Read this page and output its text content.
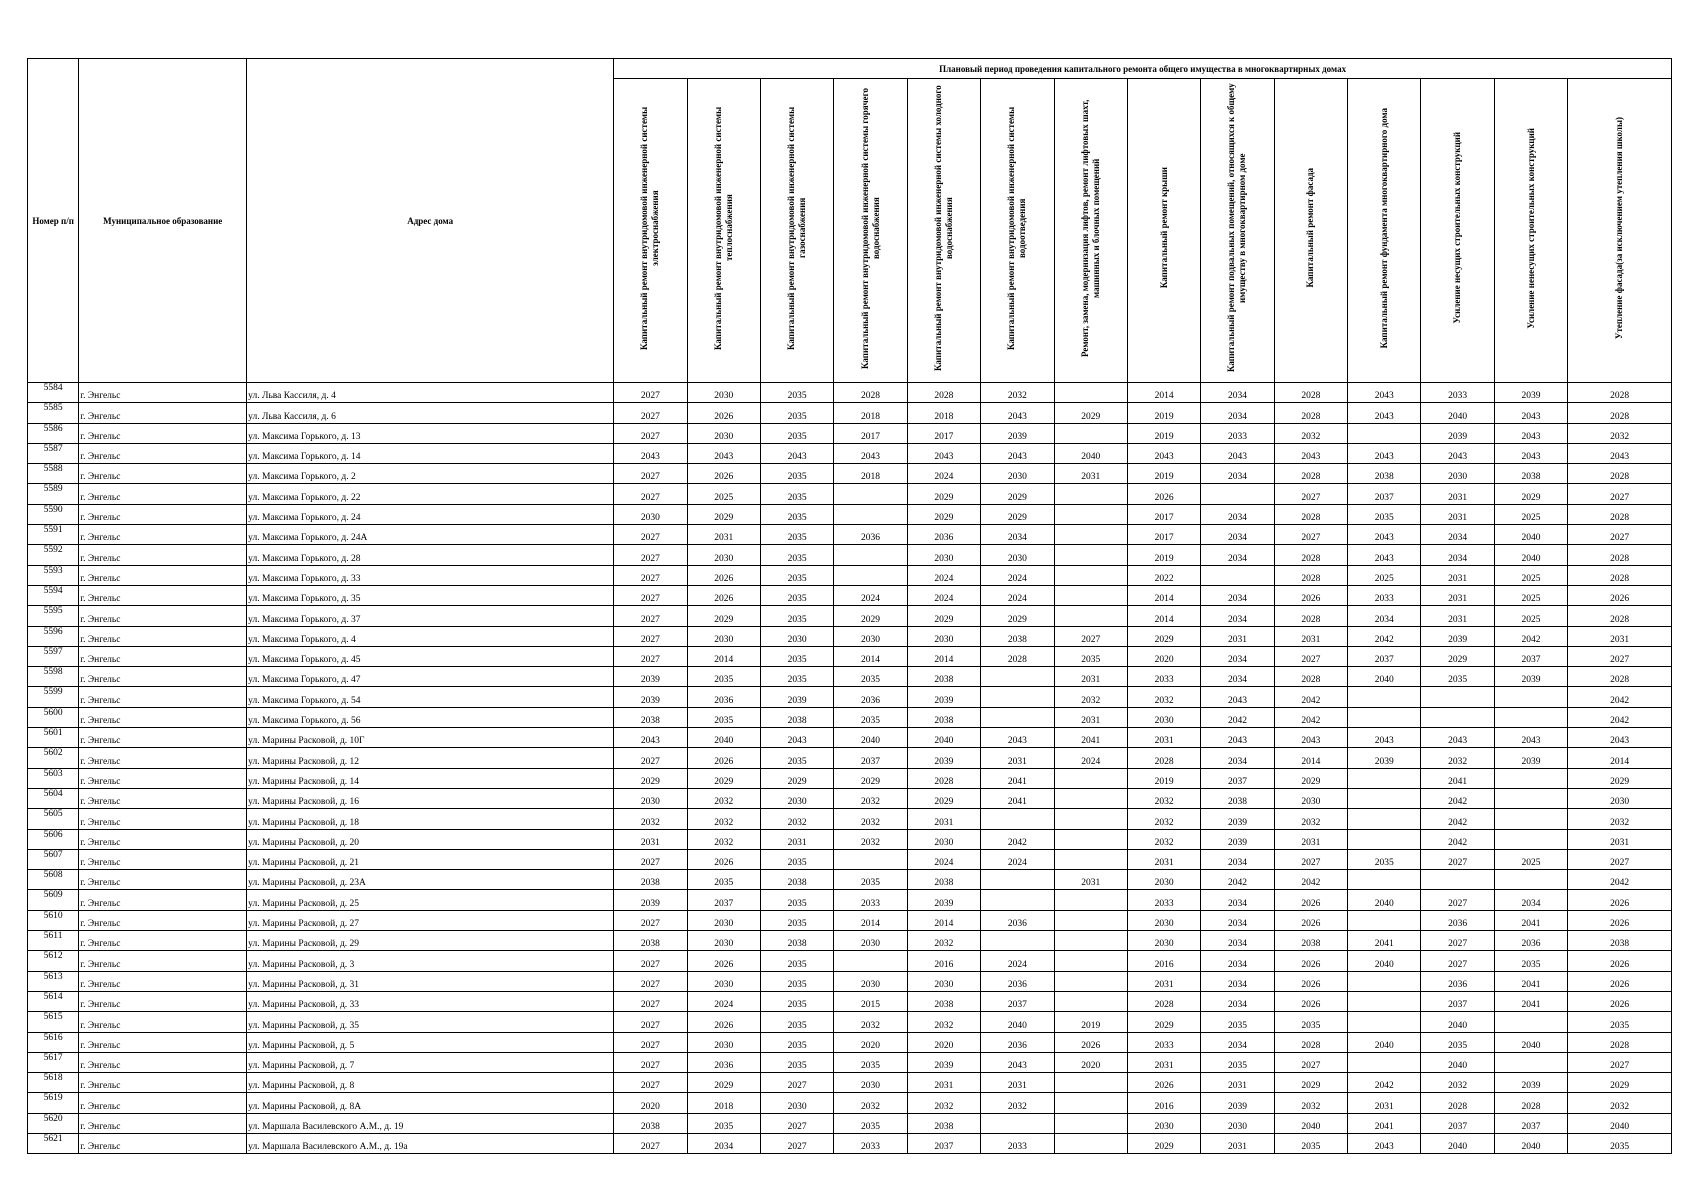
Номер п/п	Муниципальное образование	Адрес дома	Плановый период проведения капитального ремонта общего имущества в многоквартирных домах													
			Капитальный ремонт внутридомовой инженерной системы электроснабжения	Капитальный ремонт внутридомовой инженерной системы теплоснабжения	Капитальный ремонт внутридомовой инженерной системы газоснабжения	Капитальный ремонт внутридомовой инженерной системы горячего водоснабжения	Капитальный ремонт внутридомовой инженерной системы холодного водоснабжения	Капитальный ремонт внутридомовой инженерной системы водоотведения	Ремонт, замена, модернизация лифтов, ремонт лифтовых шахт, машинных и блочных помещений	Капитальный ремонт крыши	Капитальный ремонт подвальных помещений, относящихся к общему имуществу в многоквартирном доме	Капитальный ремонт фасада	Капитальный ремонт фундамента многоквартирного дома	Усиление несущих строительных конструкций	Усиление ненесущих строительных конструкций	Утепление фасада(за исключением утепления школы)
5584	г. Энгельс	ул. Льва Кассиля, д. 4	2027	2030	2035	2028	2028	2032		2014	2034	2028	2043	2033	2039	2028
5585	г. Энгельс	ул. Льва Кассиля, д. 6	2027	2026	2035	2018	2018	2043	2029	2019	2034	2028	2043	2040	2043	2028
5586	г. Энгельс	ул. Максима Горького, д. 13	2027	2030	2035	2017	2017	2039		2019	2033	2032		2039	2043	2032
5587	г. Энгельс	ул. Максима Горького, д. 14	2043	2043	2043	2043	2043	2043	2040	2043	2043	2043	2043	2043	2043	2043
5588	г. Энгельс	ул. Максима Горького, д. 2	2027	2026	2035	2018	2024	2030	2031	2019	2034	2028	2038	2030	2038	2028
5589	г. Энгельс	ул. Максима Горького, д. 22	2027	2025	2035		2029	2029		2026		2027	2037	2031	2029	2027
5590	г. Энгельс	ул. Максима Горького, д. 24	2030	2029	2035		2029	2029		2017	2034	2028	2035	2031	2025	2028
5591	г. Энгельс	ул. Максима Горького, д. 24А	2027	2031	2035	2036	2036	2034		2017	2034	2027	2043	2034	2040	2027
5592	г. Энгельс	ул. Максима Горького, д. 28	2027	2030	2035		2030	2030		2019	2034	2028	2043	2034	2040	2028
5593	г. Энгельс	ул. Максима Горького, д. 33	2027	2026	2035		2024	2024		2022		2028	2025	2031	2025	2028
5594	г. Энгельс	ул. Максима Горького, д. 35	2027	2026	2035	2024	2024	2024		2014	2034	2026	2033	2031	2025	2026
5595	г. Энгельс	ул. Максима Горького, д. 37	2027	2029	2035	2029	2029	2029		2014	2034	2028	2034	2031	2025	2028
5596	г. Энгельс	ул. Максима Горького, д. 4	2027	2030	2030	2030	2030	2038	2027	2029	2031	2031	2042	2039	2042	2031
5597	г. Энгельс	ул. Максима Горького, д. 45	2027	2014	2035	2014	2014	2028	2035	2020	2034	2027	2037	2029	2037	2027
5598	г. Энгельс	ул. Максима Горького, д. 47	2039	2035	2035	2035	2038		2031	2033	2034	2028	2040	2035	2039	2028
5599	г. Энгельс	ул. Максима Горького, д. 54	2039	2036	2039	2036	2039		2032	2032	2043	2042				2042
5600	г. Энгельс	ул. Максима Горького, д. 56	2038	2035	2038	2035	2038		2031	2030	2042	2042				2042
5601	г. Энгельс	ул. Марины Расковой, д. 10Г	2043	2040	2043	2040	2040	2043	2041	2031	2043	2043	2043	2043	2043	2043
5602	г. Энгельс	ул. Марины Расковой, д. 12	2027	2026	2035	2037	2039	2031	2024	2028	2034	2014	2039	2032	2039	2014
5603	г. Энгельс	ул. Марины Расковой, д. 14	2029	2029	2029	2029	2028	2041		2019	2037	2029		2041		2029
5604	г. Энгельс	ул. Марины Расковой, д. 16	2030	2032	2030	2032	2029	2041		2032	2038	2030		2042		2030
5605	г. Энгельс	ул. Марины Расковой, д. 18	2032	2032	2032	2032	2031			2032	2039	2032		2042		2032
5606	г. Энгельс	ул. Марины Расковой, д. 20	2031	2032	2031	2032	2030	2042		2032	2039	2031		2042		2031
5607	г. Энгельс	ул. Марины Расковой, д. 21	2027	2026	2035		2024	2024		2031	2034	2027	2035	2027	2025	2027
5608	г. Энгельс	ул. Марины Расковой, д. 23А	2038	2035	2038	2035	2038		2031	2030	2042	2042				2042
5609	г. Энгельс	ул. Марины Расковой, д. 25	2039	2037	2035	2033	2039			2033	2034	2026	2040	2027	2034	2026
5610	г. Энгельс	ул. Марины Расковой, д. 27	2027	2030	2035	2014	2014	2036		2030	2034	2026		2036	2041	2026
5611	г. Энгельс	ул. Марины Расковой, д. 29	2038	2030	2038	2030	2032			2030	2034	2038	2041	2027	2036	2038
5612	г. Энгельс	ул. Марины Расковой, д. 3	2027	2026	2035		2016	2024		2016	2034	2026	2040	2027	2035	2026
5613	г. Энгельс	ул. Марины Расковой, д. 31	2027	2030	2035	2030	2030	2036		2031	2034	2026		2036	2041	2026
5614	г. Энгельс	ул. Марины Расковой, д. 33	2027	2024	2035	2015	2038	2037		2028	2034	2026		2037	2041	2026
5615	г. Энгельс	ул. Марины Расковой, д. 35	2027	2026	2035	2032	2032	2040	2019	2029	2035	2035		2040		2035
5616	г. Энгельс	ул. Марины Расковой, д. 5	2027	2030	2035	2020	2020	2036	2026	2033	2034	2028	2040	2035	2040	2028
5617	г. Энгельс	ул. Марины Расковой, д. 7	2027	2036	2035	2035	2039	2043	2020	2031	2035	2027		2040		2027
5618	г. Энгельс	ул. Марины Расковой, д. 8	2027	2029	2027	2030	2031	2031		2026	2031	2029	2042	2032	2039	2029
5619	г. Энгельс	ул. Марины Расковой, д. 8А	2020	2018	2030	2032	2032	2032		2016	2039	2032	2031	2028	2028	2032
5620	г. Энгельс	ул. Маршала Василевского А.М., д. 19	2038	2035	2027	2035	2038			2030	2030	2040	2041	2037	2037	2040
5621	г. Энгельс	ул. Маршала Василевского А.М., д. 19а	2027	2034	2027	2033	2037	2033		2029	2031	2035	2043	2040	2040	2035
